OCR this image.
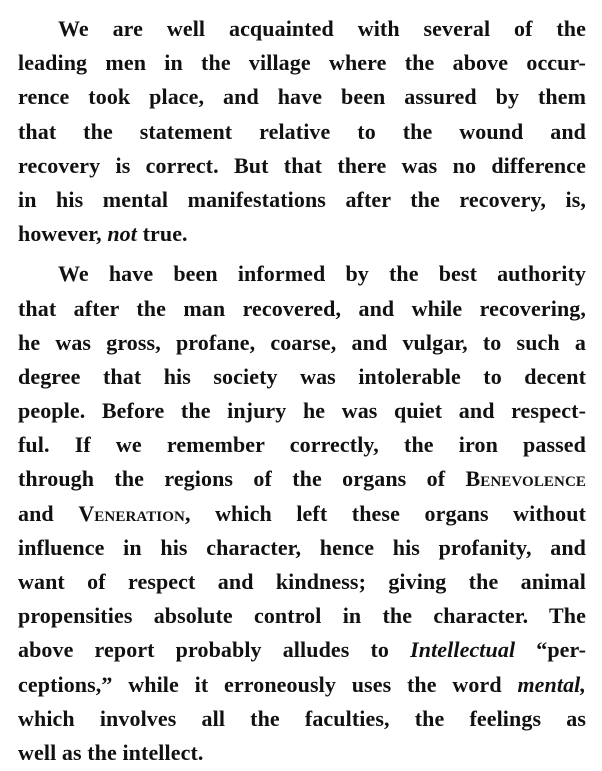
We are well acquainted with several of the
leading men in the village where the above occur-
rence took place, and have been assured by them
that the statement relative to the wound and
recovery is correct. But that there was no difference
in his mental manifestations after the recovery, is,
however, not true.
We have been informed by the best authority
that after the man recovered, and while recovering,
he was gross, profane, coarse, and vulgar, to such a
degree that his society was intolerable to decent
people. Before the injury he was quiet and respect-
ful. If we remember correctly, the iron passed
through the regions of the organs of Benevolence
and Veneration, which left these organs without
influence in his character, hence his profanity, and
want of respect and kindness; giving the animal
propensities absolute control in the character. The
above report probably alludes to Intellectual “per-
ceptions,” while it erroneously uses the word mental,
which involves all the faculties, the feelings as
well as the intellect.
